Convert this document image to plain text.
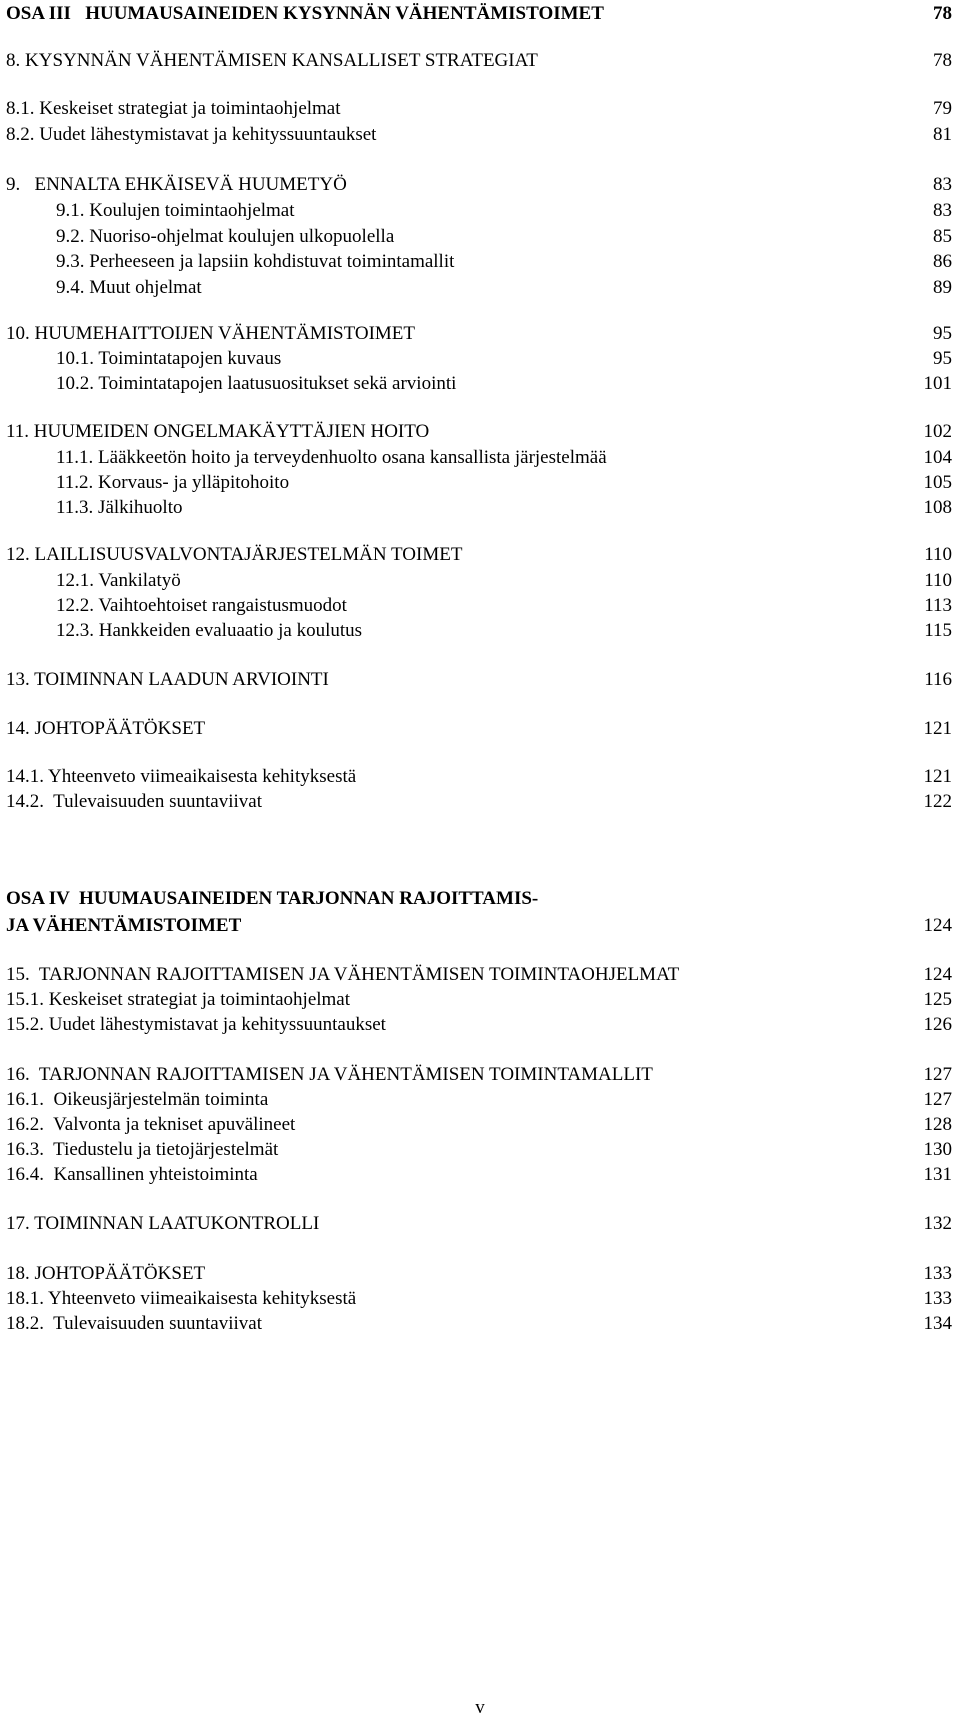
OSA III   HUUMAUSAINEIDEN KYSYNNÄN VÄHENTÄMISTOIMET	78
8. KYSYNNÄN VÄHENTÄMISEN KANSALLISET STRATEGIAT	78
8.1. Keskeiset strategiat ja toimintaohjelmat	79
8.2. Uudet lähestymistavat ja kehityssuuntaukset	81
9.   ENNALTA EHKÄISEVÄ HUUMETYÖ	83
9.1. Koulujen toimintaohjelmat	83
9.2. Nuoriso-ohjelmat koulujen ulkopuolella	85
9.3. Perheeseen ja lapsiin kohdistuvat toimintamallit	86
9.4. Muut ohjelmat	89
10. HUUMEHAITTOIJEN VÄHENTÄMISTOIMET	95
10.1. Toimintatapojen kuvaus	95
10.2. Toimintatapojen laatusuositukset sekä arviointi	101
11. HUUMEIDEN ONGELMAKÄYTTÄJIEN HOITO	102
11.1. Lääkkeetön hoito ja terveydenhuolto osana kansallista järjestelmää	104
11.2. Korvaus- ja ylläpitohoito	105
11.3. Jälkihuolto	108
12. LAILLISUUSVALVONTAJÄRJESTELMÄN TOIMET	110
12.1. Vankilatyö	110
12.2. Vaihtoehtoiset rangaistusmuodot	113
12.3. Hankkeiden evaluaatio ja koulutus	115
13. TOIMINNAN LAADUN ARVIOINTI	116
14. JOHTOPÄÄTÖKSET	121
14.1. Yhteenveto viimeaikaisesta kehityksestä	121
14.2.  Tulevaisuuden suuntaviivat	122
OSA IV  HUUMAUSAINEIDEN TARJONNAN RAJOITTAMIS-
JA VÄHENTÄMISTOIMET	124
15.  TARJONNAN RAJOITTAMISEN JA VÄHENTÄMISEN TOIMINTAOHJELMAT	124
15.1. Keskeiset strategiat ja toimintaohjelmat	125
15.2. Uudet lähestymistavat ja kehityssuuntaukset	126
16.  TARJONNAN RAJOITTAMISEN JA VÄHENTÄMISEN TOIMINTAMALLIT	127
16.1.  Oikeusjärjestelmän toiminta	127
16.2.  Valvonta ja tekniset apuvälineet	128
16.3.  Tiedustelu ja tietojärjestelmät	130
16.4.  Kansallinen yhteistoiminta	131
17. TOIMINNAN LAATUKONTROLLI	132
18. JOHTOPÄÄTÖKSET	133
18.1. Yhteenveto viimeaikaisesta kehityksestä	133
18.2.  Tulevaisuuden suuntaviivat	134
v
